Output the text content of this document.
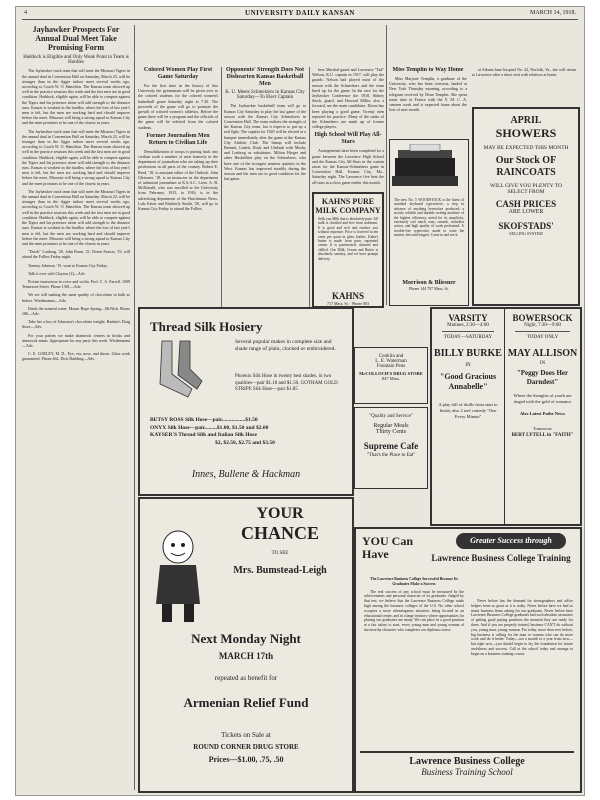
4	UNIVERSITY DAILY KANSAN	MARCH 14, 1918.
Jayhawker Prospects For Annual Dual Meet Take Promising Form
Haddock is Eligible and Only Weak Point in Team is Hurdles

The Jayhawker track team that will meet the Missouri Tigers in the annual dual in Convention Hall on Saturday, March 23, will be stronger than in the Aggie indoor meet several weeks ago, according to Coach W. O. Hamilton. The Kansas team showed up well in the practice sessions this week and the fast men are in good condition. Haddock, eligible again, will be able to compete against the Tigers and his presence alone will add strength to the distance runs. Kansas is weakest in the hurdles, where the loss of last year's men is felt, but the men are working hard and should improve before the meet. Missouri will bring a strong squad to Kansas City and the meet promises to be one of the closest in years.

The Jayhawker track team that will meet the Missouri Tigers in the annual dual in Convention Hall on Saturday, March 23, will be stronger than in the Aggie indoor meet several weeks ago, according to Coach W. O. Hamilton. The Kansas team showed up well in the practice sessions this week and the fast men are in good condition. Haddock, eligible again, will be able to compete against the Tigers and his presence alone will add strength to the distance runs. Kansas is weakest in the hurdles, where the loss of last year's men is felt, but the men are working hard and should improve before the meet. Missouri will bring a strong squad to Kansas City and the meet promises to be one of the closest in years.

The Jayhawker track team that will meet the Missouri Tigers in the annual dual in Convention Hall on Saturday, March 23, will be stronger than in the Aggie indoor meet several weeks ago, according to Coach W. O. Hamilton. The Kansas team showed up well in the practice sessions this week and the fast men are in good condition. Haddock, eligible again, will be able to compete against the Tigers and his presence alone will add strength to the distance runs. Kansas is weakest in the hurdles, where the loss of last year's men is felt, but the men are working hard and should improve before the meet. Missouri will bring a strong squad to Kansas City and the meet promises to be one of the closest in years.

"Dutch" Lonborg, '20, John Bunn, '21, Doren Paxton, '19, will attend the Follies Friday night.

Tommy Johnson, '19, went to Kansas City Friday.

Talk it over with Clayton (2)—Adv.

Private instruction in voice and violin. Prof. C. A. Farrell, 1009 Tennessee Street. Phone 1381—Adv.

We are still making the same quality of chocolates in bulk as before. Wiedemanns—Adv.

Drink the mineral water. Mount Hope Spring—McNish. Phone 186—Adv.

Take her a box of Johnston's chocolates tonight. Rankin's Drug Store—Adv.

For your parties we make shamrock centers in bricks and shamrock mints. Appropriate for any party this week. Wiedemanns—Adv.

C. E. CORLEY, M. D., Eye, ear, nose, and throat. Glass work guaranteed. Phone 462. Dick Building—Adv.

Colored Women Play First Game Saturday

For the first time in the history of this University the gymnasium will be given over to the colored students for the colored women's basketball game Saturday night at 7:30. The proceeds of the game will go to promote the growth of colored women's athletics. Before the game there will be a program and the officials of the game will be selected from the colored students.

Former Journalism Men Return to Civilian Life

Demobilization of troops is putting back into civilian work a number of men formerly in the department of journalism who are taking up their professions in all parts of the country. Robert E. Reed, '18, is assistant editor of the Outlook. John Gleissner, '18, is an instructor in the department of industrial journalism at K.S.A.C. Lieut. A. B. McDonald, who was enrolled at the University from February, 1915, to 1916, is in the advertising department of the Hutchinson News. Lulu Eaton and Kimberly Smith, '20, will go to Kansas City Friday to attend the Follies.

Opponents' Strength Does Not Dishearten Kansas Basketball Men
K. U. Meets Schmelzers in Kansas City Saturday—To Elect Captain

The Jayhawker basketball team will go to Kansas City Saturday to play the last game of the season with the Kansas City Schmelzers in Convention Hall. The team realizes the strength of the Kansas City team, but it expects to put up a real fight. The captain for 1920 will be elected at a banquet immediately after the game at the Kansas City Athletic Club. The lineup will include Bennett, Laslett, Rody and Uhrlaub with Mosby and Lonborg as substitutes. Milton Hieger and other Haskellites play on the Schmelzers, who have one of the strongest amateur quintets in the West. Kansas has improved steadily during the season and the men are in good condition for the last game.

bers Marshal gaurd and Lawrence "Tad" Welson, K.U. captain in 1917, will play the guards. Nelson had played most of the season with the Schmelzers and the team lined up for the game. In the race for the Jayhawker Conference the 1918, Sidney Stuck, guard, and Howard Miller, also a forward, are the main candidates. Dixon has been playing a good game. Twenty men reported for practice. Many of the ranks of the Schmelzers are made up of former college players.

High School Will Play All-Stars

Arrangements have been completed for a game between the Lawrence High School and the Kansas City All-Stars in the curtain raiser for the Kansas-Schmelzers game in Convention Hall, Kansas City, Mo., Saturday night. The Lawrence five beat the all-stars in a close game earlier this month.

KAHNS PURE MILK COMPANY
Sells you Milk that is absolutely pure. All milk is clarified and free from sediment. It is good and rich and reaches you without exposure. Price is lowered to ten cents per quart in glass bottles. Kahn's butter is made from pure, separated cream. It is pasteurized, churned and chilled. Our Milk, Cream and Butter is absolutely sanitary, and we have prompt delivery.
KAHNS
717 Mass. St. · Phone 803
Miss Templin to Way Home

Miss Marjorie Templin, a graduate of the University, who has been overseas, landed at New York Thursday morning, according to a telegram received by Dean Templin. She spent some time in France with the Y. M. C. A. canteen work and is expected home about the first of next month.

The new No. 5 WOODSTOCK is the latest of standard keyboard typewriters; a step in advance of anything heretofore produced; a strictly reliable and durable writing machine of the highest efficiency, noted for its simplicity, extremely soft touch, easy, smooth, noiseless action, and high quality of work performed. A trouble-free typewriter, made to write the neatest, best and longest. Come in and see it.
Morrison & Bliesner
Phone 144 707 Mass. St.
APRIL
SHOWERS
MAY BE EXPECTED THIS MONTH
Our Stock OF RAINCOATS
WILL GIVE YOU PLENTY TO SELECT FROM
CASH PRICES
ARE LOWER
SKOFSTADS'
SELLING SYSTEM

at Atlanta base hospital No. 42, Norfolk, Va., she will return to Lawrence after a short visit with relatives at home.

Thread Silk Hosiery
Several popular makes in complete size and shade range of plain, clocked or embroidered.
Phoenix Silk Hose in twenty best shades, in two qualities—pair $1.10 and $1.50. GOTHAM GOLD STRIPE Silk Hose—pair $1.85
BETSY ROSS Silk Hose—pair.................$1.50
ONYX Silk Hose—pair.........$1.00, $1.50 and $2.00
KAYSER'S Thread Silk and Italian Silk Hose
$2, $2.50, $2.75 and $3.50
Innes, Bullene & Hackman
Conklin and
L. E. Waterman
Fountain Pens
McCOLLOCH'S DRUG STORE
847 Mass.
"Quality and Service"
Regular Meals
Thirty Cents
Supreme Cafe
"That's the Place to Eat"
VARSITY
Matinee, 2:30—4:00
TODAY—SATURDAY
BILLY BURKE
IN
"Good Gracious Annabelle"
A play full of thrills from start to finish; also 2 reel comedy "One Every Minute"
BOWERSOCK
Night, 7:30—9:00
TODAY ONLY
MAY ALLISON
IN
"Peggy Does Her Darndest"
Where the thoughts of youth are tinged with the gold of romance
Also Latest Pathe News
Tomorrow
BERT LYTELL in "FAITH"
YOUR
CHANCE
TO SEE
Mrs. Bumstead-Leigh
Next Monday Night
MARCH 17th
repeated as benefit for
Armenian Relief Fund
Tickets on Sale at
ROUND CORNER DRUG STORE
Prices—$1.00, .75, .50
YOU Can Have
Greater Success through
Lawrence Business College Training
The Lawrence Business College Successful Because Its Graduates Make a Success

The real success of any school must be measured by the achievements and personal character of its graduates. Judged by that test, we believe that the Lawrence Business College ranks high among the business colleges of the U.S. No other school occupies a more advantageous situation, being located in an educational center, and in a large territory where opportunities for placing our graduates are many. We can place in a good position at a fair salary to start, every young man and young woman of trustworthy character who completes our diploma course.

Never before has the demand for stenographers and office helpers been so great as it is today. Never before have we had so many business firms asking for our graduates. Never before have Lawrence Business College graduates had such absolute assurance of getting good paying positions the moment they are ready for them. And if you are properly trained, business CAN'T do without you, young man, young woman. For today, more than ever before, big business is calling for the man or woman who can do more work and do it better. Today—not a month or a year from now—but right now—you should begin to lay the foundation for future usefulness and success. Call at the school today and arrange to begin on a business training course.

Lawrence Business College
Business Training School
